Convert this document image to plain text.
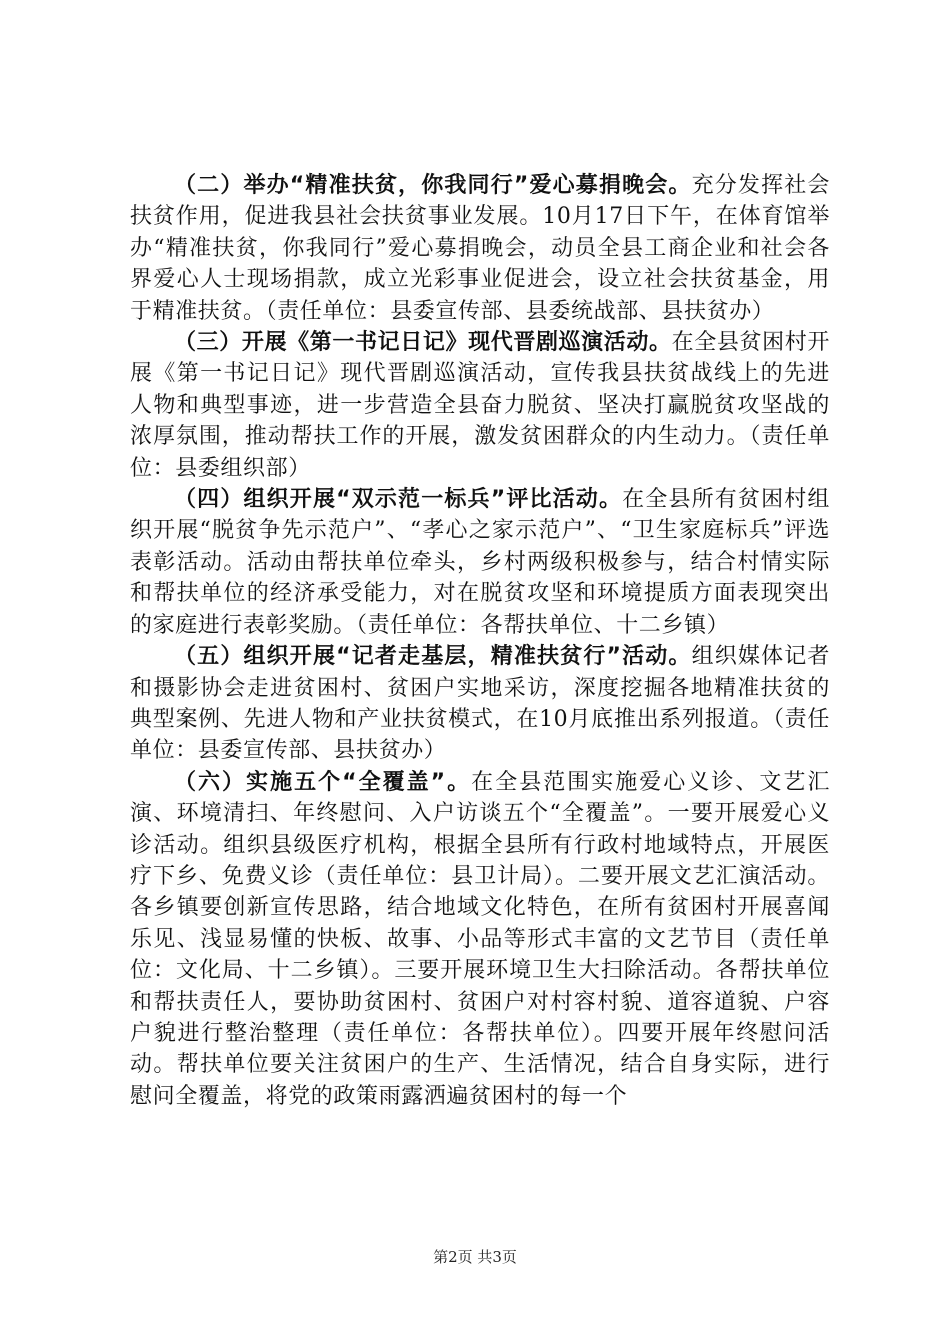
（二）举办“精准扶贫，你我同行”爱心募捐晚会。充分发挥社会扶贫作用，促进我县社会扶贫事业发展。10月17日下午，在体育馆举办“精准扶贫，你我同行”爱心募捐晚会，动员全县工商企业和社会各界爱心人士现场捐款，成立光彩事业促进会，设立社会扶贫基金，用于精准扶贫。（责任单位：县委宣传部、县委统战部、县扶贫办）

（三）开展《第一书记日记》现代晋剧巡演活动。在全县贫困村开展《第一书记日记》现代晋剧巡演活动，宣传我县扶贫战线上的先进人物和典型事迹，进一步营造全县奋力脱贫、坚决打赢脱贫攻坚战的浓厚氛围，推动帮扶工作的开展，激发贫困群众的内生动力。（责任单位：县委组织部）

（四）组织开展“双示范一标兵”评比活动。在全县所有贫困村组织开展“脱贫争先示范户”、“孝心之家示范户”、“卫生家庭标兵”评选表彰活动。活动由帮扶单位牵头，乡村两级积极参与，结合村情实际和帮扶单位的经济承受能力，对在脱贫攻坚和环境提质方面表现突出的家庭进行表彰奖励。（责任单位：各帮扶单位、十二乡镇）

（五）组织开展“记者走基层，精准扶贫行”活动。组织媒体记者和摄影协会走进贫困村、贫困户实地采访，深度挖掘各地精准扶贫的典型案例、先进人物和产业扶贫模式，在10月底推出系列报道。（责任单位：县委宣传部、县扶贫办）

（六）实施五个“全覆盖”。在全县范围实施爱心义诊、文艺汇演、环境清扫、年终慰问、入户访谈五个“全覆盖”。一要开展爱心义诊活动。组织县级医疗机构，根据全县所有行政村地域特点，开展医疗下乡、免费义诊（责任单位：县卫计局）。二要开展文艺汇演活动。各乡镇要创新宣传思路，结合地域文化特色，在所有贫困村开展喜闻乐见、浅显易懂的快板、故事、小品等形式丰富的文艺节目（责任单位：文化局、十二乡镇）。三要开展环境卫生大扫除活动。各帮扶单位和帮扶责任人，要协助贫困村、贫困户对村容村貌、道容道貌、户容户貌进行整治整理（责任单位：各帮扶单位）。四要开展年终慰问活动。帮扶单位要关注贫困户的生产、生活情况，结合自身实际，进行慰问全覆盖，将党的政策雨露洒遍贫困村的每一个

第2页 共3页
